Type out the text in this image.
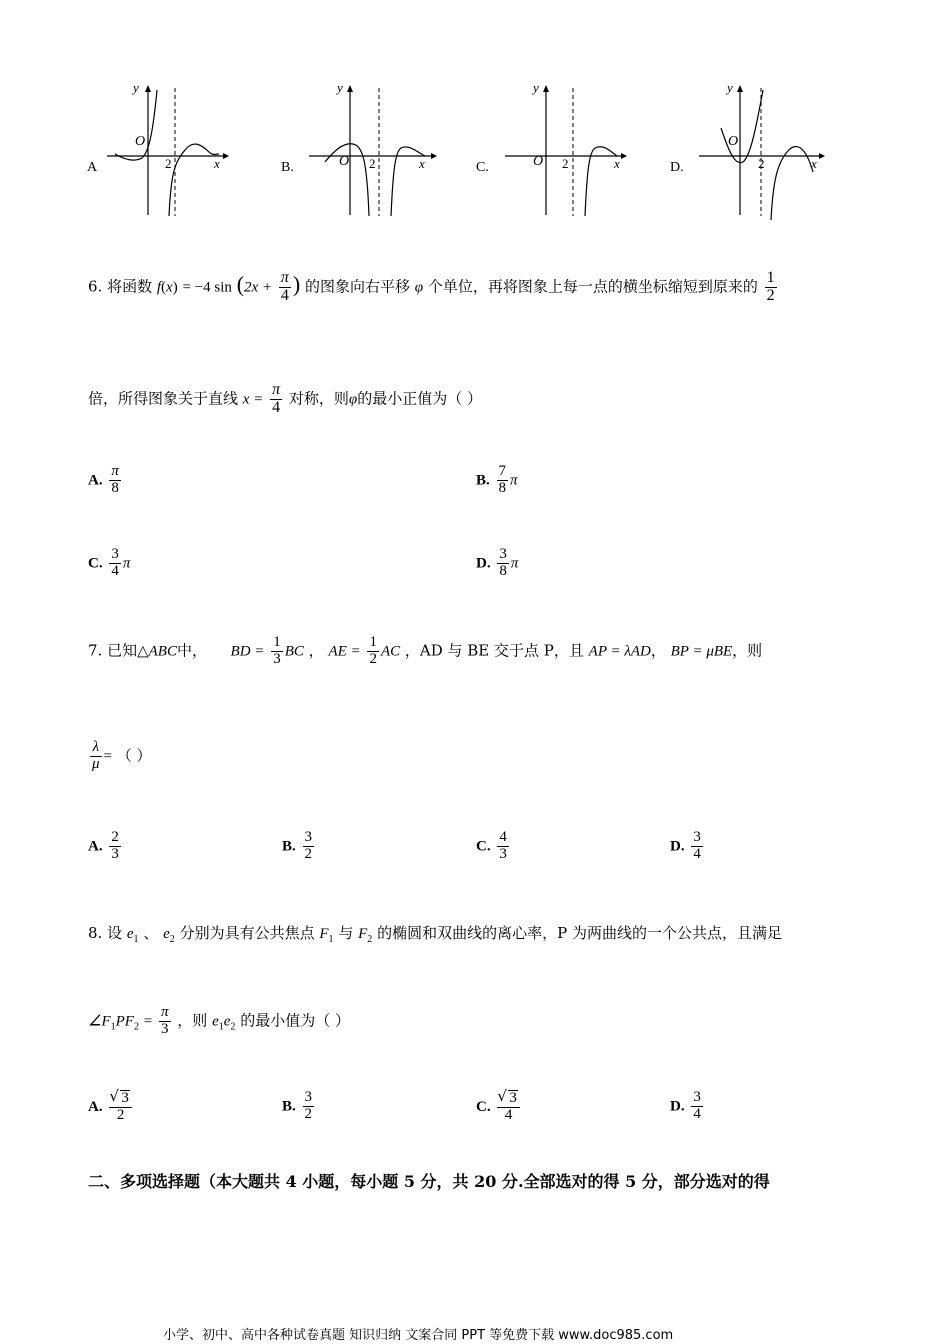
A
y
x
O
2	B.
y
x
O 2	C.
y
x
O 2	D.
y
x
O
2
6. 将函数 f(x) = −4 $\sin (2x + \frac{\pi}{4}$ ) 的图象向右平移 φ 个单位，再将图象上每一点的横坐标缩短到原来的 $\frac{1}{2}$
倍，所得图象关于直线 $x = \frac{\pi}{4}$ 对称，则φ的最小正值为（ ）
A. $\frac{\pi}{8}$	B. $\frac{7}{8}$ π
C. $\frac{3}{4}$ π	D. $\frac{3}{8}$ π
7. 已知△ABC中， BD = $\frac{1}{3}$ BC ， AE = $\frac{1}{2}$ AC ，AD 与 BE 交于点 P，且 AP = λAD， BP = μBE，则
$\frac{\lambda}{\mu}$ = （ ）
A. $\frac{2}{3}$	B. $\frac{3}{2}$	C. $\frac{4}{3}$	D. $\frac{3}{4}$
8. 设 $e_1$ 、 $e_2$ 分别为具有公共焦点 $F_1$ 与 $F_2$ 的椭圆和双曲线的离心率，P 为两曲线的一个公共点，且满足
$\angle F_1PF_2 = \frac{\pi}{3}$ ，则 $e_1e_2$ 的最小值为（ ）
A. √ $\frac{3}{2}$	B. $\frac{3}{2}$	C. √ $\frac{3}{4}$	D. $\frac{3}{4}$
二、多项选择题（本大题共 4 小题，每小题 5 分，共 20 分.全部选对的得 5 分，部分选对的得
小学、初中、高中各种试卷真题 知识归纳 文案合同 PPT 等免费下载 www.doc985.com
